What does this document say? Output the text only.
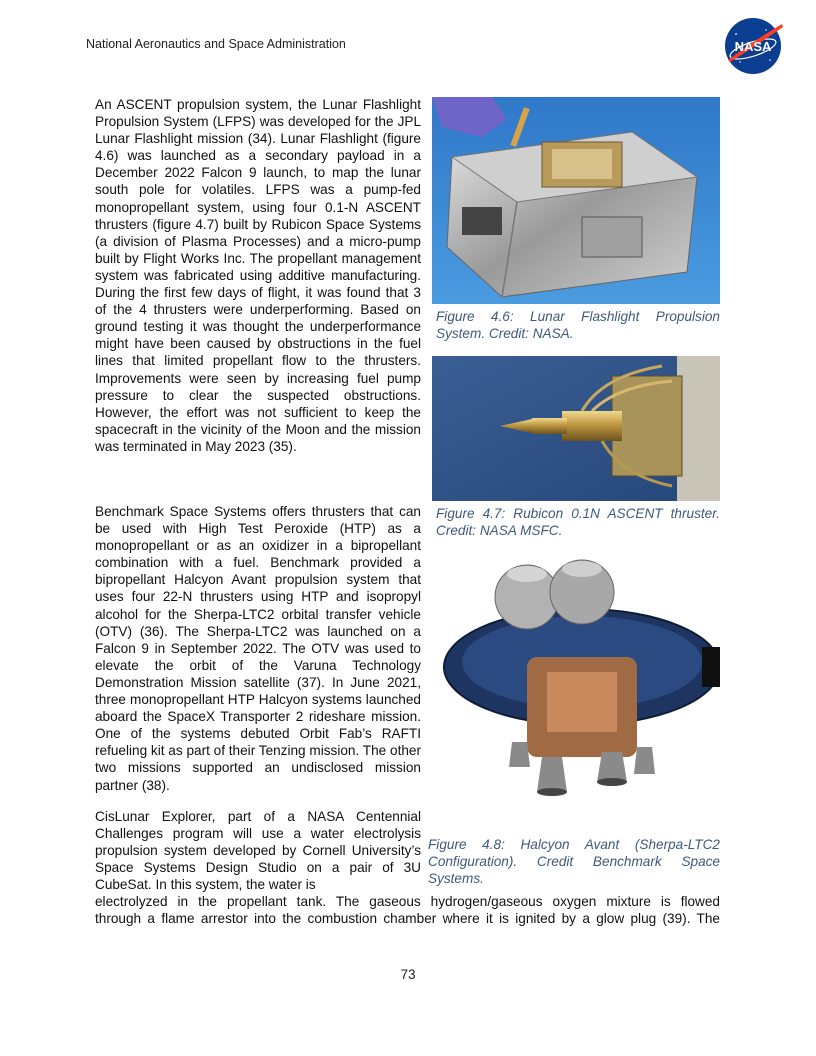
National Aeronautics and Space Administration	NASA

An ASCENT propulsion system, the Lunar Flashlight Propulsion System (LFPS) was developed for the JPL Lunar Flashlight mission (34). Lunar Flashlight (figure 4.6) was launched as a secondary payload in a December 2022 Falcon 9 launch, to map the lunar south pole for volatiles. LFPS was a pump-fed monopropellant system, using four 0.1-N ASCENT thrusters (figure 4.7) built by Rubicon Space Systems (a division of Plasma Processes) and a micro-pump built by Flight Works Inc. The propellant management system was fabricated using additive manufacturing. During the first few days of flight, it was found that 3 of the 4 thrusters were underperforming. Based on ground testing it was thought the underperformance might have been caused by obstructions in the fuel lines that limited propellant flow to the thrusters. Improvements were seen by increasing fuel pump pressure to clear the suspected obstructions. However, the effort was not sufficient to keep the spacecraft in the vicinity of the Moon and the mission was terminated in May 2023 (35).

Benchmark Space Systems offers thrusters that can be used with High Test Peroxide (HTP) as a monopropellant or as an oxidizer in a bipropellant combination with a fuel. Benchmark provided a bipropellant Halcyon Avant propulsion system that uses four 22-N thrusters using HTP and isopropyl alcohol for the Sherpa-LTC2 orbital transfer vehicle (OTV) (36). The Sherpa-LTC2 was launched on a Falcon 9 in September 2022. The OTV was used to elevate the orbit of the Varuna Technology Demonstration Mission satellite (37). In June 2021, three monopropellant HTP Halcyon systems launched aboard the SpaceX Transporter 2 rideshare mission. One of the systems debuted Orbit Fab’s RAFTI refueling kit as part of their Tenzing mission. The other two missions supported an undisclosed mission partner (38).

CisLunar Explorer, part of a NASA Centennial Challenges program will use a water electrolysis propulsion system developed by Cornell University’s Space Systems Design Studio on a pair of 3U CubeSat. In this system, the water is

electrolyzed in the propellant tank. The gaseous hydrogen/gaseous oxygen mixture is flowed
through a flame arrestor into the combustion chamber where it is ignited by a glow plug (39). The
Figure 4.6: Lunar Flashlight Propulsion System. Credit: NASA.
Figure 4.7: Rubicon 0.1N ASCENT thruster. Credit: NASA MSFC.
Figure 4.8: Halcyon Avant (Sherpa-LTC2 Configuration). Credit Benchmark Space Systems.
73
